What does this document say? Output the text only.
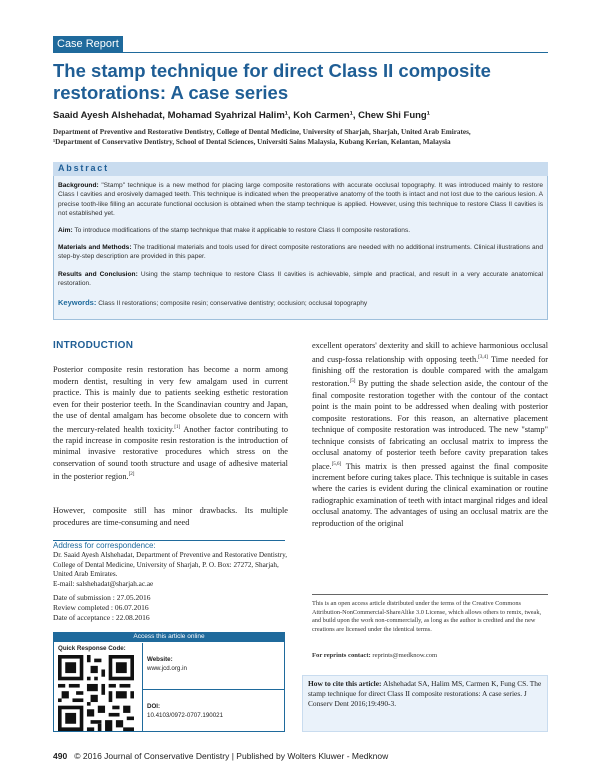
Case Report
The stamp technique for direct Class II composite restorations: A case series
Saaid Ayesh Alshehadat, Mohamad Syahrizal Halim¹, Koh Carmen¹, Chew Shi Fung¹
Department of Preventive and Restorative Dentistry, College of Dental Medicine, University of Sharjah, Sharjah, United Arab Emirates,
¹Department of Conservative Dentistry, School of Dental Sciences, Universiti Sains Malaysia, Kubang Kerian, Kelantan, Malaysia
Abstract
Background: "Stamp" technique is a new method for placing large composite restorations with accurate occlusal topography. It was introduced mainly to restore Class I cavities and erosively damaged teeth. This technique is indicated when the preoperative anatomy of the tooth is intact and not lost due to the carious lesion. A precise tooth-like filling an accurate functional occlusion is obtained when the stamp technique is applied. However, using this technique to restore Class II cavities is not established yet.
Aim: To introduce modifications of the stamp technique that make it applicable to restore Class II composite restorations.
Materials and Methods: The traditional materials and tools used for direct composite restorations are needed with no additional instruments. Clinical illustrations and step-by-step description are provided in this paper.
Results and Conclusion: Using the stamp technique to restore Class II cavities is achievable, simple and practical, and result in a very accurate anatomical restoration.
Keywords: Class II restorations; composite resin; conservative dentistry; occlusion; occlusal topography
INTRODUCTION
Posterior composite resin restoration has become a norm among modern dentist, resulting in very few amalgam used in current practice. This is mainly due to patients seeking esthetic restoration even for their posterior teeth. In the Scandinavian country and Japan, the use of dental amalgam has become obsolete due to concern with the mercury-related health toxicity.[1] Another factor contributing to the rapid increase in composite resin restoration is the introduction of minimal invasive restorative procedures which stress on the conservation of sound tooth structure and usage of adhesive material in the posterior region.[2]
However, composite still has minor drawbacks. Its multiple procedures are time-consuming and need
excellent operators' dexterity and skill to achieve harmonious occlusal and cusp-fossa relationship with opposing teeth.[3,4] Time needed for finishing off the restoration is double compared with the amalgam restoration.[5] By putting the shade selection aside, the contour of the final composite restoration together with the contour of the contact point is the main point to be addressed when dealing with posterior composite restorations. For this reason, an alternative placement technique of composite restoration was introduced. The new "stamp" technique consists of fabricating an occlusal matrix to impress the occlusal anatomy of posterior teeth before cavity preparation takes place.[5,6] This matrix is then pressed against the final composite increment before curing takes place. This technique is suitable in cases where the caries is evident during the clinical examination or routine radiographic examination of teeth with intact marginal ridges and ideal occlusal anatomy. The advantages of using an occlusal matrix are the reproduction of the original
Address for correspondence:
Dr. Saaid Ayesh Alshehadat, Department of Preventive and Restorative Dentistry, College of Dental Medicine, University of Sharjah, P. O. Box: 27272, Sharjah, United Arab Emirates.
E-mail: salshehadat@sharjah.ac.ae
Date of submission : 27.05.2016
Review completed : 06.07.2016
Date of acceptance : 22.08.2016
Access this article online
Quick Response Code:
Website:
www.jcd.org.in
DOI:
10.4103/0972-0707.190021
This is an open access article distributed under the terms of the Creative Commons Attribution-NonCommercial-ShareAlike 3.0 License, which allows others to remix, tweak, and build upon the work non-commercially, as long as the author is credited and the new creations are licensed under the identical terms.
For reprints contact: reprints@medknow.com
How to cite this article: Alshehadat SA, Halim MS, Carmen K, Fung CS. The stamp technique for direct Class II composite restorations: A case series. J Conserv Dent 2016;19:490-3.
490 © 2016 Journal of Conservative Dentistry | Published by Wolters Kluwer - Medknow
